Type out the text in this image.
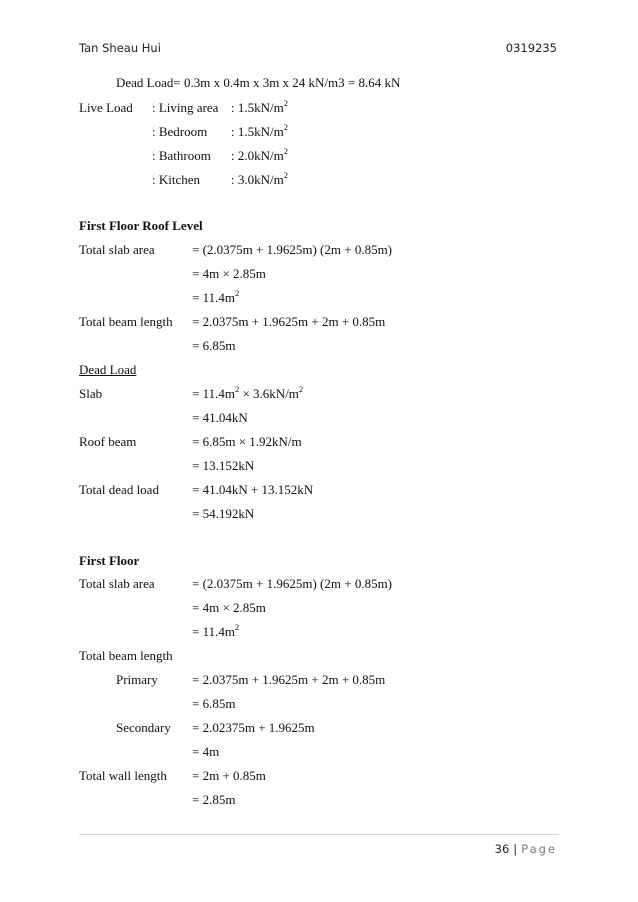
Tan Sheau Hui	0319235
Dead Load= 0.3m x 0.4m x 3m x 24 kN/m3 = 8.64 kN
Live Load : Living area : $1.5kN/m^2$
: Bedroom : $1.5kN/m^2$
: Bathroom : $2.0kN/m^2$
: Kitchen : $3.0kN/m^2$
First Floor Roof Level
Total slab area	= (2.0375m + 1.9625m) (2m + 0.85m)
= 4m × 2.85m
= $11.4m^2$
Total beam length = 2.0375m + 1.9625m + 2m + 0.85m
= 6.85m
Dead Load
Slab	= $11.4m^2 \times 3.6kN/m^2$
= 41.04kN
Roof beam	= 6.85m × 1.92kN/m
= 13.152kN
Total dead load	= 41.04kN + 13.152kN
= 54.192kN
First Floor
Total slab area	= (2.0375m + 1.9625m) (2m + 0.85m)
= 4m × 2.85m
= $11.4m^2$
Total beam length
Primary	= 2.0375m + 1.9625m + 2m + 0.85m
= 6.85m
Secondary = 2.02375m + 1.9625m
= 4m
Total wall length = 2m + 0.85m
= 2.85m
36 | Page
